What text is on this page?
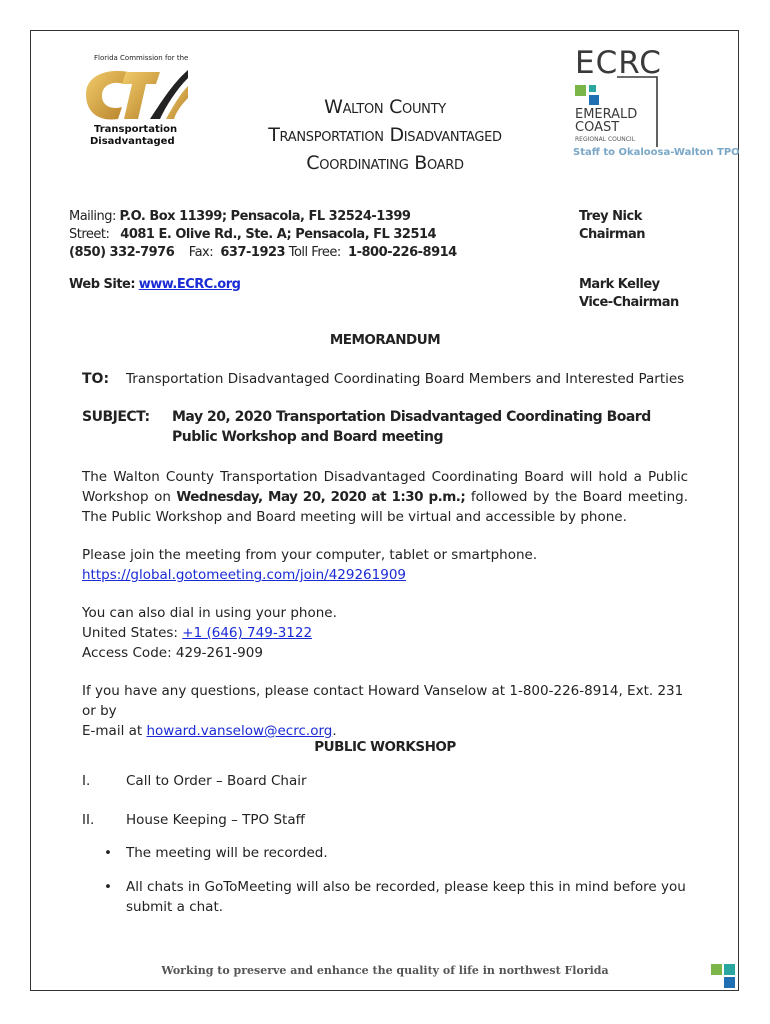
Florida Commission for the
Transportation
Disadvantaged
Walton County
Transportation Disadvantaged
Coordinating Board
ECRC
EMERALD
COAST
REGIONAL COUNCIL
Staff to Okaloosa-Walton TPO
Mailing: P.O. Box 11399; Pensacola, FL 32524-1399
Street: 4081 E. Olive Rd., Ste. A; Pensacola, FL 32514
(850) 332-7976 Fax: 637-1923 Toll Free: 1-800-226-8914
Web Site: www.ECRC.org
Trey Nick
Chairman
Mark Kelley
Vice-Chairman
MEMORANDUM
TO: Transportation Disadvantaged Coordinating Board Members and Interested Parties
SUBJECT: May 20, 2020 Transportation Disadvantaged Coordinating Board
Public Workshop and Board meeting
The Walton County Transportation Disadvantaged Coordinating Board will hold a Public Workshop on Wednesday, May 20, 2020 at 1:30 p.m.; followed by the Board meeting. The Public Workshop and Board meeting will be virtual and accessible by phone.
Please join the meeting from your computer, tablet or smartphone.
https://global.gotomeeting.com/join/429261909
You can also dial in using your phone.
United States: +1 (646) 749-3122
Access Code: 429-261-909
If you have any questions, please contact Howard Vanselow at 1-800-226-8914, Ext. 231 or by
E-mail at howard.vanselow@ecrc.org.
PUBLIC WORKSHOP
I.	Call to Order – Board Chair
II. House Keeping – TPO Staff
• The meeting will be recorded.
• All chats in GoToMeeting will also be recorded, please keep this in mind before you
submit a chat.
Working to preserve and enhance the quality of life in northwest Florida
